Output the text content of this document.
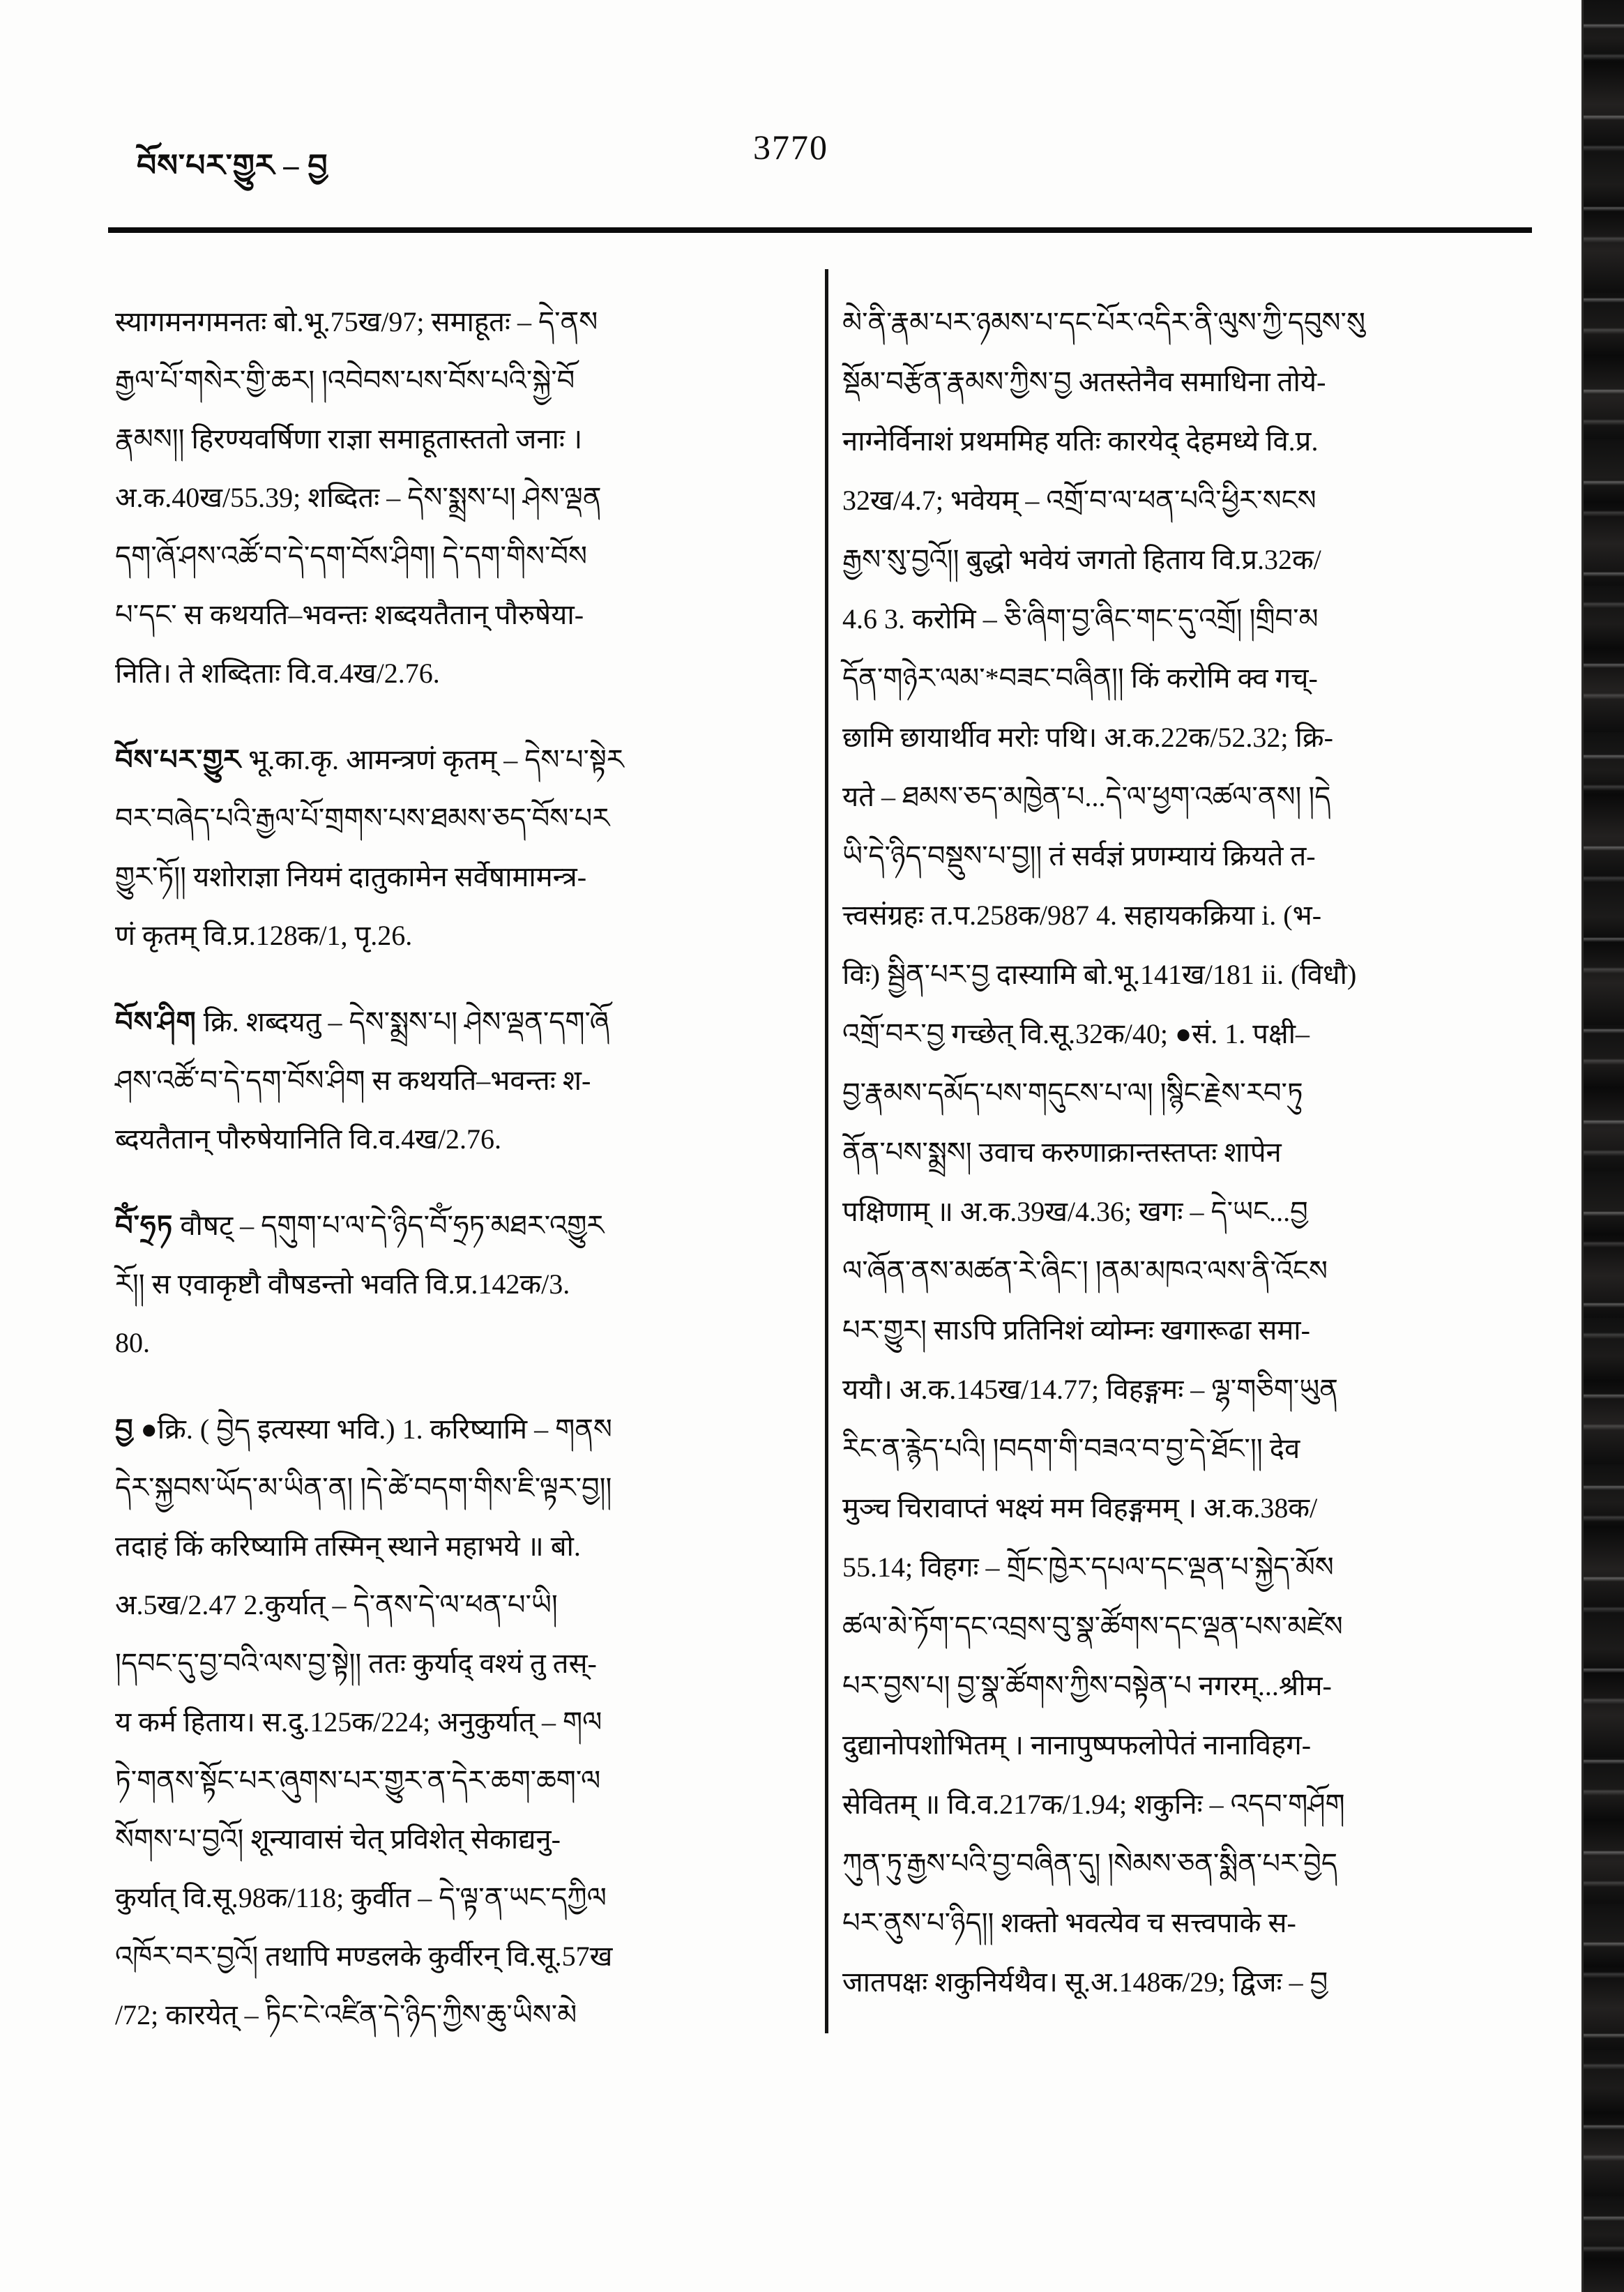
བོས་པར་གྱུར – བྱ	3770
स्यागमनगमनतः बो.भू.75ख/97; समाहूतः – དེ་ནས
རྒྱལ་པོ་གསེར་གྱི་ཆར། །འབེབས་པས་བོས་པའི་སྐྱེ་བོ
རྣམས།། हिरण्यवर्षिणा राज्ञा समाहूतास्ततो जनाः ।
अ.क.40ख/55.39; शब्दितः – དེས་སྨྲས་པ། ཤེས་ལྡན
དག་ཞོ་ཤས་འཚོ་བ་དེ་དག་བོས་ཤིག། དེ་དག་གིས་བོས
པ་དང་ स कथयति–भवन्तः शब्दयतैतान् पौरुषेया-
निति। ते शब्दिताः वि.व.4ख/2.76.
བོས་པར་གྱུར भू.का.कृ. आमन्त्रणं कृतम् – དེས་པ་སྟེར
བར་བཞེད་པའི་རྒྱལ་པོ་གྲགས་པས་ཐམས་ཅད་བོས་པར
གྱུར་ཏོ།། यशोराज्ञा नियमं दातुकामेन सर्वेषामामन्त्र-
णं कृतम् वि.प्र.128क/1, पृ.26.
བོས་ཤིག क्रि. शब्दयतु – དེས་སྨྲས་པ། ཤེས་ལྡན་དག་ཞོ
ཤས་འཚོ་བ་དེ་དག་བོས་ཤིག स कथयति–भवन्तः श-
ब्दयतैतान् पौरुषेयानिति वि.व.4ख/2.76.
བོཾ་ཧྲཏ वौषट् – དགུག་པ་ལ་དེ་ཉིད་བོཾ་ཧྲཏ་མཐར་འགྱུར
རོ།། स एवाकृष्टौ वौषडन्तो भवति वि.प्र.142क/3.
80.
བྱ ●क्रि. ( བྱེད इत्यस्या भवि.) 1. करिष्यामि – གནས
དེར་སྐྱབས་ཡོད་མ་ཡིན་ན། །དེ་ཚེ་བདག་གིས་ཇི་ལྟར་བྱ།།
तदाहं किं करिष्यामि तस्मिन् स्थाने महाभये ॥ बो.
अ.5ख/2.47 2.कुर्यात् – དེ་ནས་དེ་ལ་ཕན་པ་ཡི།
།དབང་དུ་བྱ་བའི་ལས་བྱ་སྟེ།། ततः कुर्याद् वश्यं तु तस्-
य कर्म हिताय। स.दु.125क/224; अनुकुर्यात् – གལ
ཏེ་གནས་སྟོང་པར་ཞུགས་པར་གྱུར་ན་དེར་ཆག་ཆག་ལ
སོགས་པ་བྱའོ། शून्यावासं चेत् प्रविशेत् सेकाद्यनु-
कुर्यात् वि.सू.98क/118; कुर्वीत – དེ་ལྟ་ན་ཡང་དཀྱིལ
འཁོར་བར་བྱའོ། तथापि मण्डलके कुर्वीरन् वि.सू.57ख
/72; कारयेत् – ཏིང་ངེ་འཛིན་དེ་ཉིད་ཀྱིས་ཆུ་ཡིས་མེ
མེ་ནི་རྣམ་པར་ཉམས་པ་དང་པོར་འདིར་ནི་ལུས་ཀྱི་དབུས་སུ
སྡོམ་བརྩོན་རྣམས་ཀྱིས་བྱ अतस्तेनैव समाधिना तोये-
नाग्नेर्विनाशं प्रथममिह यतिः कारयेद् देहमध्ये वि.प्र.
32ख/4.7; भवेयम् – འགྲོ་བ་ལ་ཕན་པའི་ཕྱིར་སངས
རྒྱས་སུ་བྱའོ།། बुद्धो भवेयं जगतो हिताय वि.प्र.32क/
4.6 3. करोमि – ཅི་ཞིག་བྱ་ཞིང་གང་དུ་འགྲོ། །གྲིབ་མ
དོན་གཉེར་ལམ་*བཟང་བཞིན།། किं करोमि क्व गच्-
छामि छायार्थीव मरोः पथि। अ.क.22क/52.32; क्रि-
यते – ཐམས་ཅད་མཁྱེན་པ...དེ་ལ་ཕྱག་འཚལ་ནས། །དེ
ཡི་དེ་ཉིད་བསྡུས་པ་བྱ།། तं सर्वज्ञं प्रणम्यायं क्रियते त-
त्त्वसंग्रहः त.प.258क/987 4. सहायकक्रिया i. (भ-
विः) སྦྱིན་པར་བྱ दास्यामि बो.भू.141ख/181 ii. (विधौ)
འགྲོ་བར་བྱ गच्छेत् वि.सू.32क/40; ●सं. 1. पक्षी–
བྱ་རྣམས་དམོད་པས་གདུངས་པ་ལ། །སྙིང་རྗེས་རབ་ཏུ
ནོན་པས་སྨྲས། उवाच करुणाक्रान्तस्तप्तः शापेन
पक्षिणाम् ॥ अ.क.39ख/4.36; खगः – དེ་ཡང...བྱ
ལ་ཞོན་ནས་མཚན་རེ་ཞིང་། །ནམ་མཁའ་ལས་ནི་འོངས
པར་གྱུར། साऽपि प्रतिनिशं व्योम्नः खगारूढा समा-
ययौ। अ.क.145ख/14.77; विहङ्गमः – ལྷ་གཅིག་ཡུན
རིང་ན་རྙེད་པའི། །བདག་གི་བཟའ་བ་བྱ་དེ་ཐོང་།། देव
मुञ्च चिरावाप्तं भक्ष्यं मम विहङ्गमम् । अ.क.38क/
55.14; विहगः – གྲོང་ཁྱེར་དཔལ་དང་ལྡན་པ་སྐྱེད་མོས
ཚལ་མེ་ཏོག་དང་འབྲས་བུ་སྣ་ཚོགས་དང་ལྡན་པས་མཛེས
པར་བྱས་པ། བྱ་སྣ་ཚོགས་ཀྱིས་བསྟེན་པ नगरम्...श्रीम-
दुद्यानोपशोभितम् । नानापुष्पफलोपेतं नानाविहग-
सेवितम् ॥ वि.व.217क/1.94; शकुनिः – འདབ་གཤོག
ཀུན་ཏུ་རྒྱས་པའི་བྱ་བཞིན་དུ། །སེམས་ཅན་སྨིན་པར་བྱེད
པར་ནུས་པ་ཉིད།། शक्तो भवत्येव च सत्त्वपाके स-
जातपक्षः शकुनिर्यथैव। सू.अ.148क/29; द्विजः – བྱ
